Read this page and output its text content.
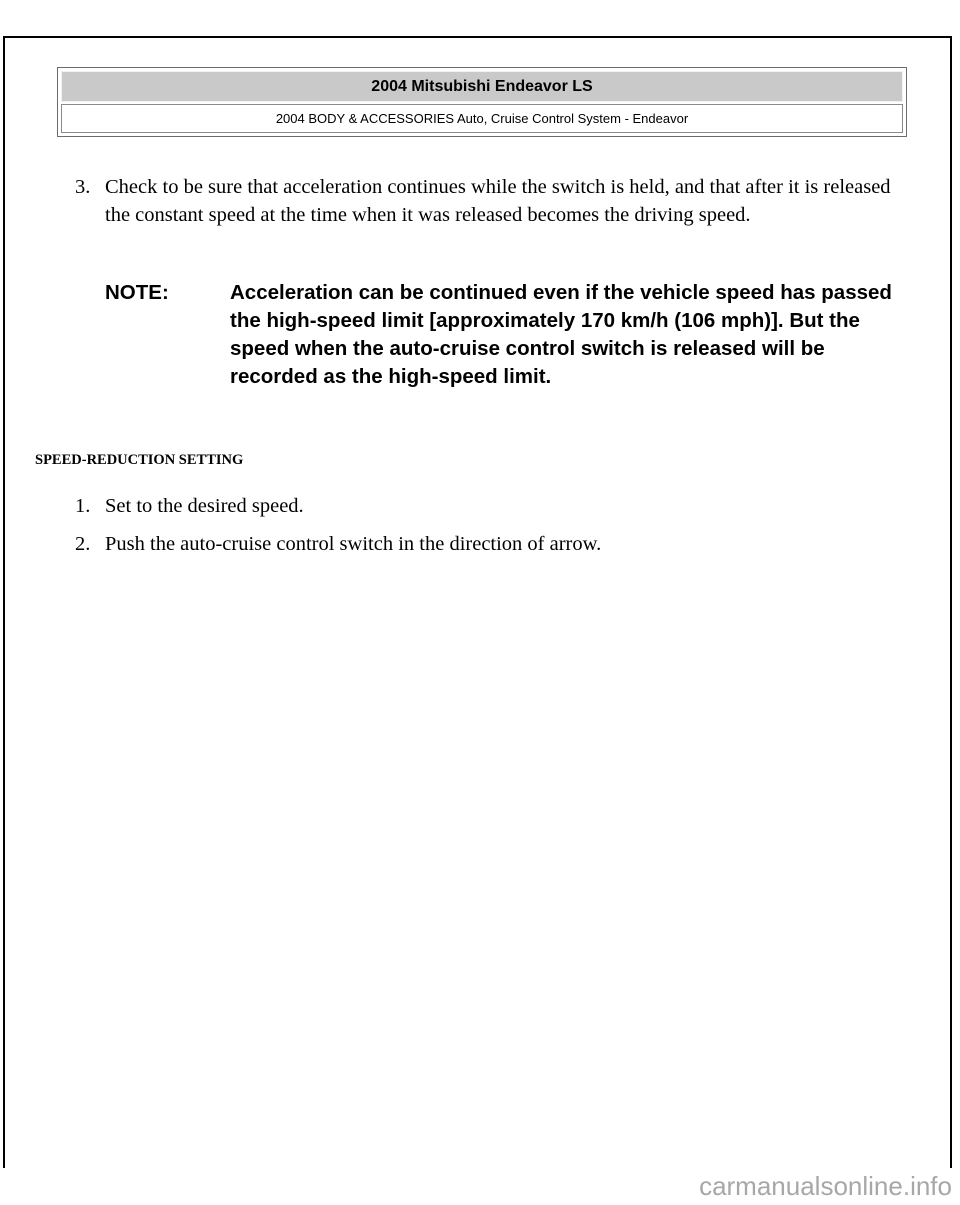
2004 Mitsubishi Endeavor LS
2004 BODY & ACCESSORIES Auto, Cruise Control System - Endeavor
3. Check to be sure that acceleration continues while the switch is held, and that after it is released the constant speed at the time when it was released becomes the driving speed.
NOTE:	Acceleration can be continued even if the vehicle speed has passed the high-speed limit [approximately 170 km/h (106 mph)]. But the speed when the auto-cruise control switch is released will be recorded as the high-speed limit.
SPEED-REDUCTION SETTING
1. Set to the desired speed.
2. Push the auto-cruise control switch in the direction of arrow.
carmanualsonline.info
